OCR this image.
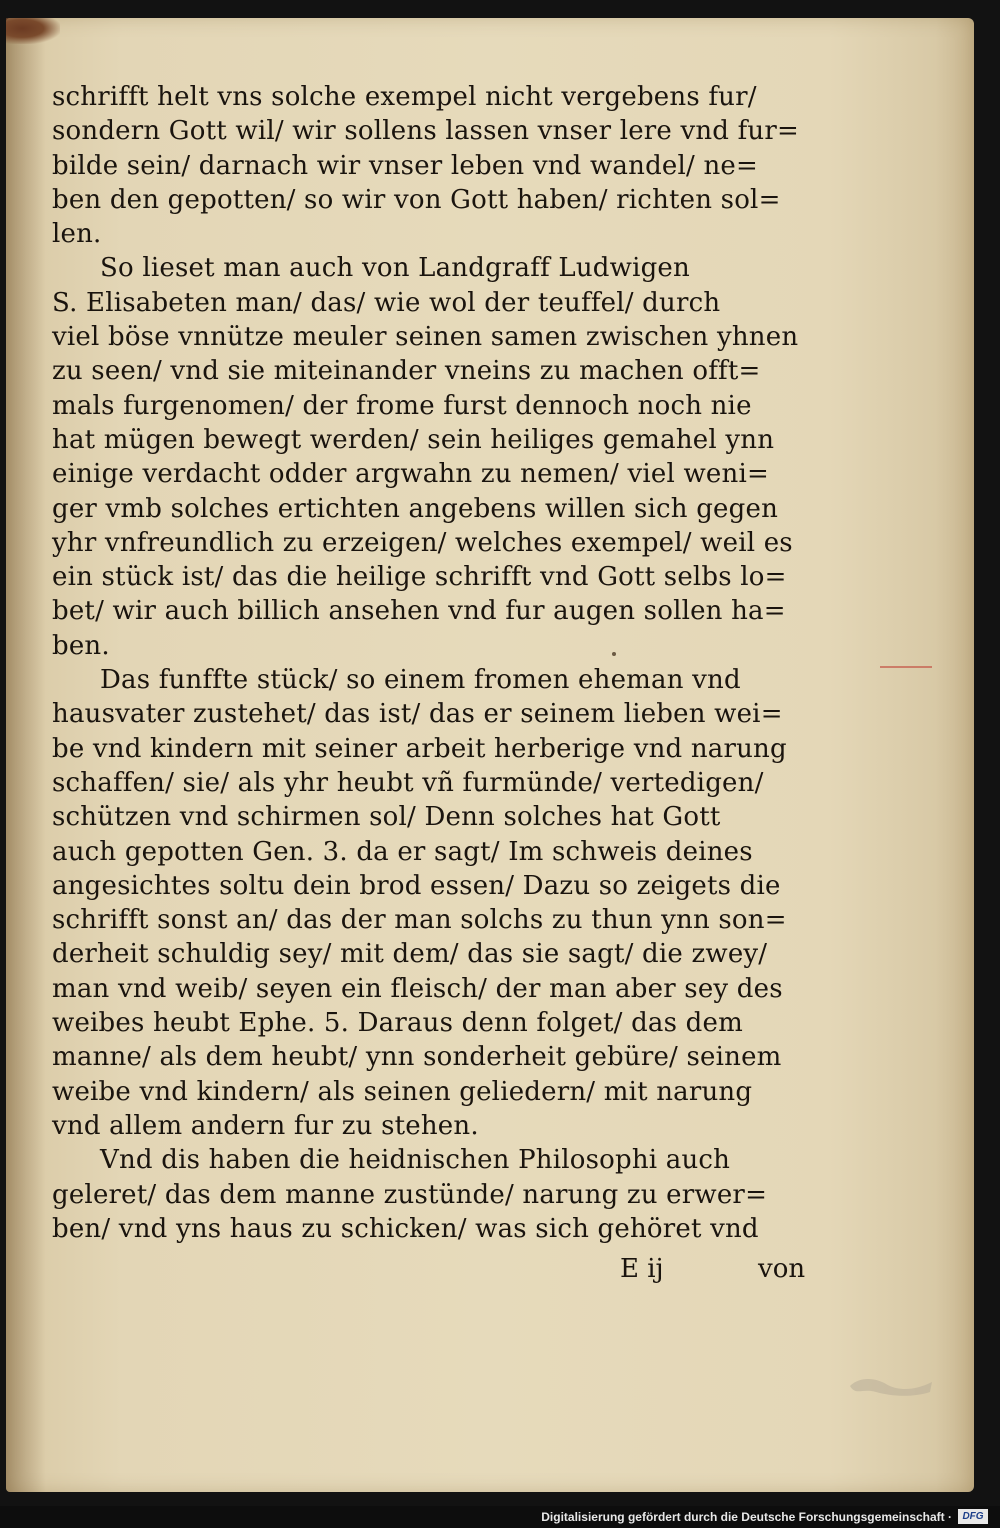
schrifft helt vns solche exempel nicht vergebens fur/
sondern Gott wil/ wir sollens lassen vnser lere vnd fur=
bilde sein/ darnach wir vnser leben vnd wandel/ ne=
ben den gepotten/ so wir von Gott haben/ richten sol=
len.
So lieset man auch von Landgraff Ludwigen
S. Elisabeten man/ das/ wie wol der teuffel/ durch
viel böse vnnütze meuler seinen samen zwischen yhnen
zu seen/ vnd sie miteinander vneins zu machen offt=
mals furgenomen/ der frome furst dennoch noch nie
hat mügen bewegt werden/ sein heiliges gemahel ynn
einige verdacht odder argwahn zu nemen/ viel weni=
ger vmb solches ertichten angebens willen sich gegen
yhr vnfreundlich zu erzeigen/ welches exempel/ weil es
ein stück ist/ das die heilige schrifft vnd Gott selbs lo=
bet/ wir auch billich ansehen vnd fur augen sollen ha=
ben.
Das funffte stück/ so einem fromen eheman vnd
hausvater zustehet/ das ist/ das er seinem lieben wei=
be vnd kindern mit seiner arbeit herberige vnd narung
schaffen/ sie/ als yhr heubt vñ furmünde/ vertedigen/
schützen vnd schirmen sol/ Denn solches hat Gott
auch gepotten Gen. 3. da er sagt/ Im schweis deines
angesichtes soltu dein brod essen/ Dazu so zeigets die
schrifft sonst an/ das der man solchs zu thun ynn son=
derheit schuldig sey/ mit dem/ das sie sagt/ die zwey/
man vnd weib/ seyen ein fleisch/ der man aber sey des
weibes heubt Ephe. 5. Daraus denn folget/ das dem
manne/ als dem heubt/ ynn sonderheit gebüre/ seinem
weibe vnd kindern/ als seinen geliedern/ mit narung
vnd allem andern fur zu stehen.
Vnd dis haben die heidnischen Philosophi auch
geleret/ das dem manne zustünde/ narung zu erwer=
ben/ vnd yns haus zu schicken/ was sich gehöret vnd
E ij	von
Digitalisierung gefördert durch die Deutsche Forschungsgemeinschaft ·	DFG
